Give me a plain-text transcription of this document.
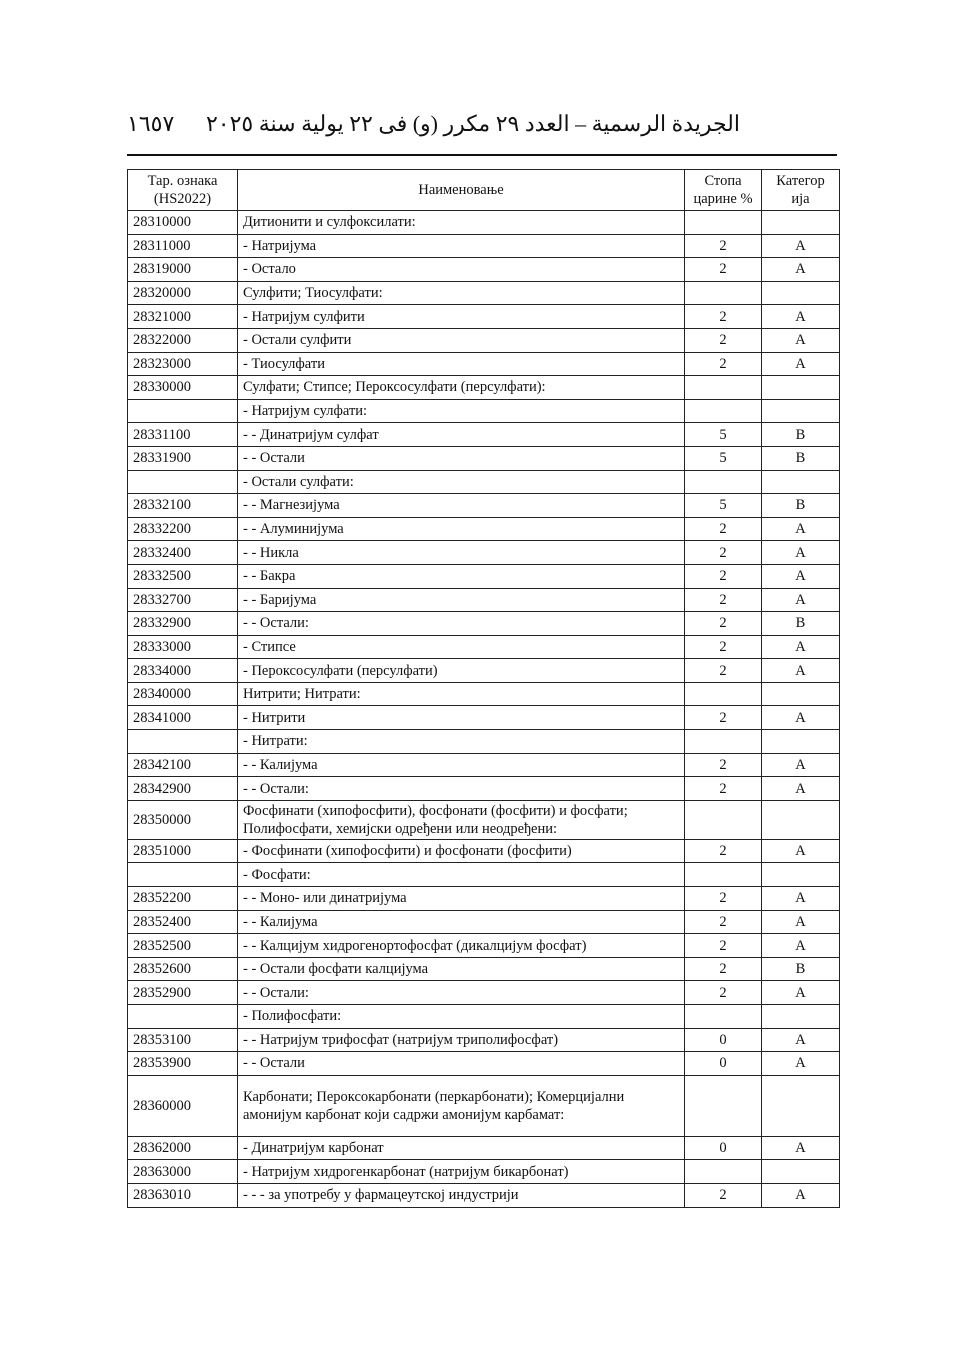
الجريدة الرسمية – العدد ٢٩ مكرر (و) فى ٢٢ يولية سنة ٢٠٢٥
١٦٥٧
Тар. ознака (HS2022)	Наименовање	Стопа царине %	Категор ија
28310000	Дитионити и сулфоксилати:		
28311000	- Натријума	2	A
28319000	- Остало	2	A
28320000	Сулфити; Тиосулфати:		
28321000	- Натријум сулфити	2	A
28322000	- Остали сулфити	2	A
28323000	- Тиосулфати	2	A
28330000	Сулфати; Стипсе; Пероксосулфати (персулфати):		
	- Натријум сулфати:		
28331100	- - Динатријум сулфат	5	B
28331900	- - Остали	5	B
	- Остали сулфати:		
28332100	- - Магнезијума	5	B
28332200	- - Алуминијума	2	A
28332400	- - Никла	2	A
28332500	- - Бакра	2	A
28332700	- - Баријума	2	A
28332900	- - Остали:	2	B
28333000	- Стипсе	2	A
28334000	- Пероксосулфати (персулфати)	2	A
28340000	Нитрити; Нитрати:		
28341000	- Нитрити	2	A
	- Нитрати:		
28342100	- - Калијума	2	A
28342900	- - Остали:	2	A
28350000	Фосфинати (хипофосфити), фосфонати (фосфити) и фосфати; Полифосфати, хемијски одређени или неодређени:		
28351000	- Фосфинати (хипофосфити) и фосфонати (фосфити)	2	A
	- Фосфати:		
28352200	- - Моно- или динатријума	2	A
28352400	- - Калијума	2	A
28352500	- - Калцијум хидрогенортофосфат (дикалцијум фосфат)	2	A
28352600	- - Остали фосфати калцијума	2	B
28352900	- - Остали:	2	A
	- Полифосфати:		
28353100	- - Натријум трифосфат (натријум триполифосфат)	0	A
28353900	- - Остали	0	A
28360000	Карбонати; Пероксокарбонати (перкарбонати); Комерцијални амонијум карбонат који садржи амонијум карбамат:		
28362000	- Динатријум карбонат	0	A
28363000	- Натријум хидрогенкарбонат (натријум бикарбонат)		
28363010	- - - за употребу у фармацеутској индустрији	2	A
